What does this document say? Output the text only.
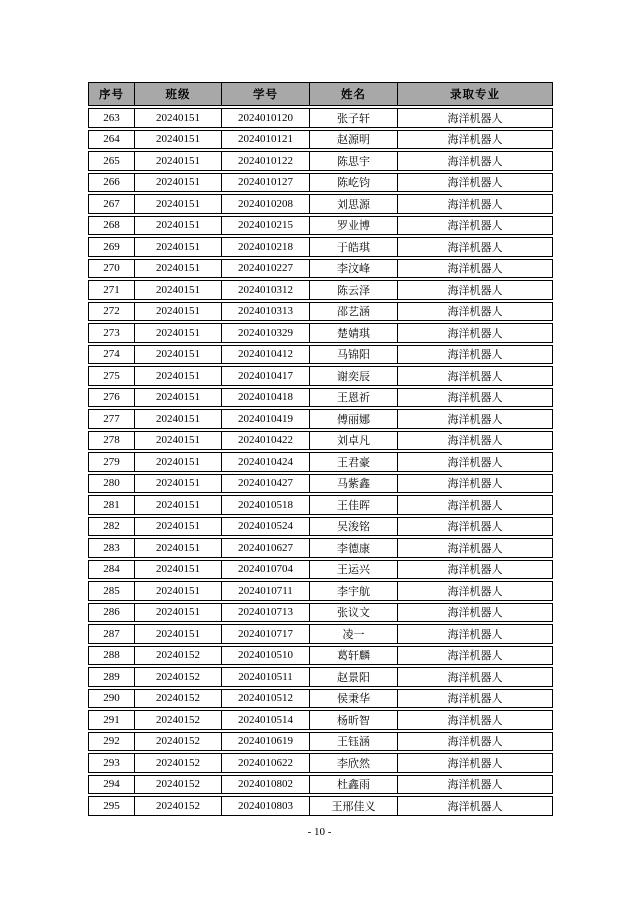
序号	班级	学号	姓名	录取专业
263	20240151	2024010120	张子轩	海洋机器人
264	20240151	2024010121	赵源明	海洋机器人
265	20240151	2024010122	陈思宇	海洋机器人
266	20240151	2024010127	陈屹钧	海洋机器人
267	20240151	2024010208	刘思源	海洋机器人
268	20240151	2024010215	罗业博	海洋机器人
269	20240151	2024010218	于皓琪	海洋机器人
270	20240151	2024010227	李汶峰	海洋机器人
271	20240151	2024010312	陈云泽	海洋机器人
272	20240151	2024010313	邵艺涵	海洋机器人
273	20240151	2024010329	楚婧琪	海洋机器人
274	20240151	2024010412	马锦阳	海洋机器人
275	20240151	2024010417	谢奕辰	海洋机器人
276	20240151	2024010418	王恩祈	海洋机器人
277	20240151	2024010419	傅丽娜	海洋机器人
278	20240151	2024010422	刘卓凡	海洋机器人
279	20240151	2024010424	王君豪	海洋机器人
280	20240151	2024010427	马紫鑫	海洋机器人
281	20240151	2024010518	王佳晖	海洋机器人
282	20240151	2024010524	吴浚铭	海洋机器人
283	20240151	2024010627	李德康	海洋机器人
284	20240151	2024010704	王运兴	海洋机器人
285	20240151	2024010711	李宇航	海洋机器人
286	20240151	2024010713	张议文	海洋机器人
287	20240151	2024010717	凌一	海洋机器人
288	20240152	2024010510	葛轩麟	海洋机器人
289	20240152	2024010511	赵景阳	海洋机器人
290	20240152	2024010512	侯秉华	海洋机器人
291	20240152	2024010514	杨昕智	海洋机器人
292	20240152	2024010619	王钰涵	海洋机器人
293	20240152	2024010622	李欣然	海洋机器人
294	20240152	2024010802	杜鑫雨	海洋机器人
295	20240152	2024010803	王邢佳义	海洋机器人
- 10 -
